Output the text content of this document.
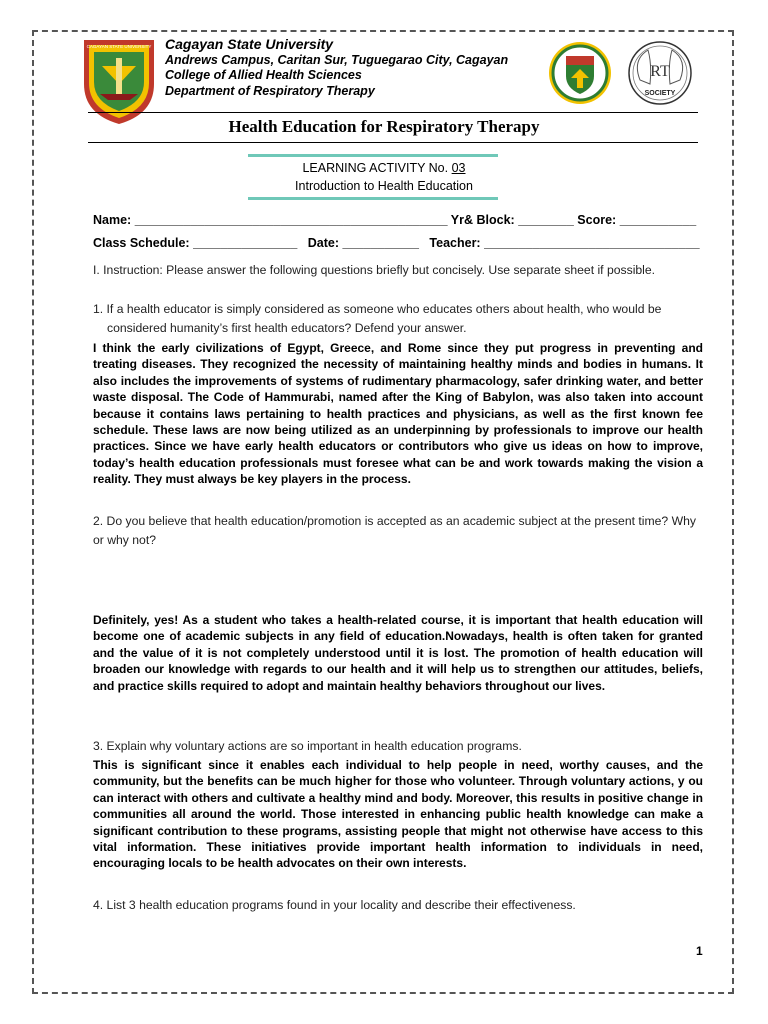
CAGAYAN STATE UNIVERSITY Cagayan State University
Andrews Campus, Caritan Sur, Tuguegarao City, Cagayan
College of Allied Health Sciences
Department of Respiratory Therapy
RT
SOCIETY
Health Education for Respiratory Therapy
LEARNING ACTIVITY No. 03
Introduction to Health Education
Name: _____________________________________________ Yr& Block: ________ Score: ___________
Class Schedule: _______________ Date: ___________ Teacher: _______________________________
I. Instruction: Please answer the following questions briefly but concisely. Use separate sheet if possible.
1. If a health educator is simply considered as someone who educates others about health, who would be
considered humanity’s first health educators? Defend your answer.
I think the early civilizations of Egypt, Greece, and Rome since they put progress in preventing and treating diseases. They recognized the necessity of maintaining healthy minds and bodies in humans. It also includes the improvements of systems of rudimentary pharmacology, safer drinking water, and better waste disposal. The Code of Hammurabi, named after the King of Babylon, was also taken into account because it contains laws pertaining to health practices and physicians, as well as the first known fee schedule. These laws are now being utilized as an underpinning by professionals to improve our health practices. Since we have early health educators or contributors who give us ideas on how to improve, today’s health education professionals must foresee what can be and work towards making the vision a reality. They must always be key players in the process.
2. Do you believe that health education/promotion is accepted as an academic subject at the present time? Why or why not?
Definitely, yes! As a student who takes a health-related course, it is important that health education will become one of academic subjects in any field of education.Nowadays, health is often taken for granted and the value of it is not completely understood until it is lost. The promotion of health education will broaden our knowledge with regards to our health and it will help us to strengthen our attitudes, beliefs, and practice skills required to adopt and maintain healthy behaviors throughout our lives.
3. Explain why voluntary actions are so important in health education programs.
This is significant since it enables each individual to help people in need, worthy causes, and the community, but the benefits can be much higher for those who volunteer. Through voluntary actions, y ou can interact with others and cultivate a healthy mind and body. Moreover, this results in positive change in communities all around the world. Those interested in enhancing public health knowledge can make a significant contribution to these programs, assisting people that might not otherwise have access to this vital information. These initiatives provide important health information to individuals in need, encouraging locals to be health advocates on their own interests.
4. List 3 health education programs found in your locality and describe their effectiveness.
1
